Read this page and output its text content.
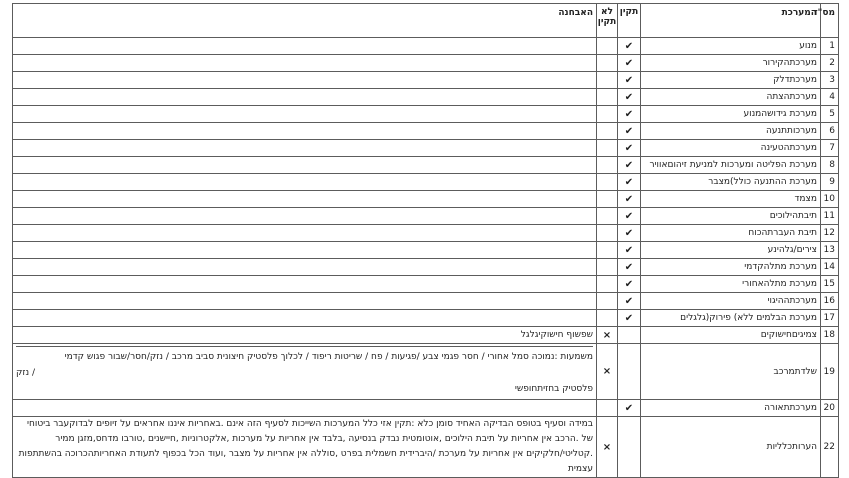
מס"ד	המערכת	תקין	לא תקין	האבחנה
1	מנוע	✔		
2	מערכתהקירור	✔		
3	מערכתדלק	✔		
4	מערכתהצתה	✔		
5	מערכת גידושהמנוע	✔		
6	מערכותתנעה	✔		
7	מערכתהטעינה	✔		
8	מערכת הפליטה ומערכות למניעת זיהוםאוויר	✔		
9	מערכת ההתנעה כולל)מצבר	✔		
10	מצמד	✔		
11	תיבתהילוכים	✔		
12	תיבת העברתהכוח	✔		
13	צירים/גלהינע	✔		
14	מערכת מתלהקדמי	✔		
15	מערכת מתלהאחורי	✔		
16	מערכתההיגוי	✔		
17	מערכת הבלמים ללא) פירוק(גלגלים	✔		
18	צמיגיםחישוקים		×	שפשוף חישוקיגלגל
19	שלדתמרכב		×	משמעות :נמוכה סמל אחורי / חסר פגמי צבע /פגיעות / פח / שריטות ריפוד / לכלוך פלסטיק חיצונית סביב מרכב / נזק/חסר/שבור פגוש קדמי
/ נזק
פלסטיק בחזיתחופשי

20	מערכתתאורה	✔		
22	הערותכלליות		×	במידה וסעיף בטופס הבדיקה האחיד סומן כלא :תקין אזי כלל המערכות השייכות לסעיף הזה אינם .באחריות איננו אחראים על זיופים לבדוקעבר ביטוחי של .הרכב אין אחריות על תיבת הילוכים ,אוטומטית נבדק בנסיעה ,בלבד אין אחריות על מערכות ,אלקטרוניות ,חיישנים ,טורבו מדחס,מזגן ממיר .קטליטי/חלקיקים אין אחריות על מערכת /היברידית חשמלית בפרט ,סוללה אין אחריות על מצבר ,ועוד הכל בכפוף לתעודת האחריותהכרוכה בהשתתפות עצמית
